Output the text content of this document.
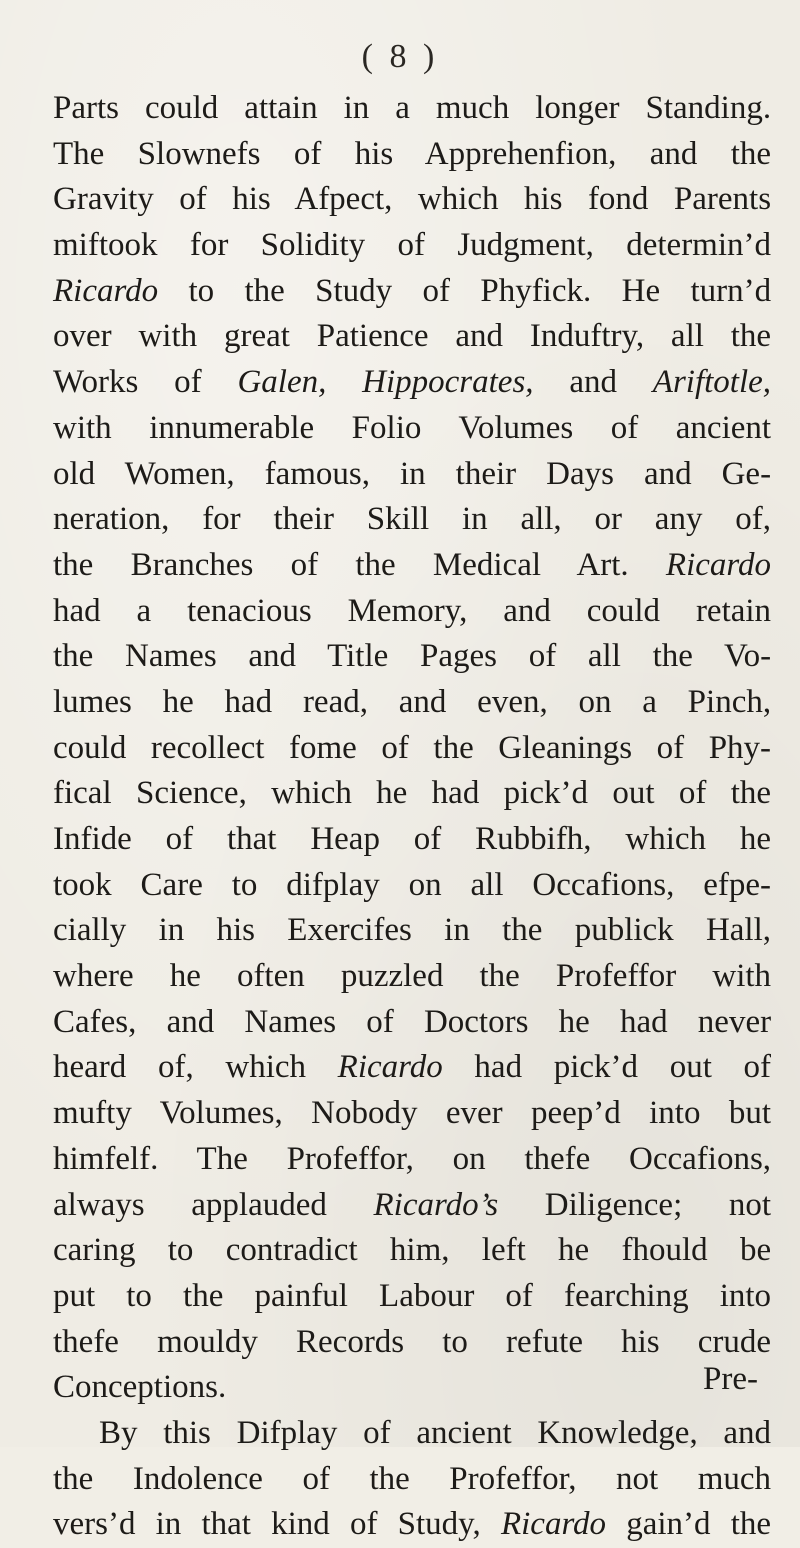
( 8 )
Parts could attain in a much longer Standing.
The Slownefs of his Apprehenfion, and the
Gravity of his Afpect, which his fond Parents
miftook for Solidity of Judgment, determin’d
Ricardo to the Study of Phyfick. He turn’d
over with great Patience and Induftry, all the
Works of Galen, Hippocrates, and Ariftotle,
with innumerable Folio Volumes of ancient
old Women, famous, in their Days and Ge-
neration, for their Skill in all, or any of,
the Branches of the Medical Art. Ricardo
had a tenacious Memory, and could retain
the Names and Title Pages of all the Vo-
lumes he had read, and even, on a Pinch,
could recollect fome of the Gleanings of Phy-
fical Science, which he had pick’d out of the
Infide of that Heap of Rubbifh, which he
took Care to difplay on all Occafions, efpe-
cially in his Exercifes in the publick Hall,
where he often puzzled the Profeffor with
Cafes, and Names of Doctors he had never
heard of, which Ricardo had pick’d out of
mufty Volumes, Nobody ever peep’d into but
himfelf. The Profeffor, on thefe Occafions,
always applauded Ricardo’s Diligence; not
caring to contradict him, left he fhould be
put to the painful Labour of fearching into
thefe mouldy Records to refute his crude
Conceptions.
By this Difplay of ancient Knowledge, and
the Indolence of the Profeffor, not much
vers’d in that kind of Study, Ricardo gain’d the
Pre-
